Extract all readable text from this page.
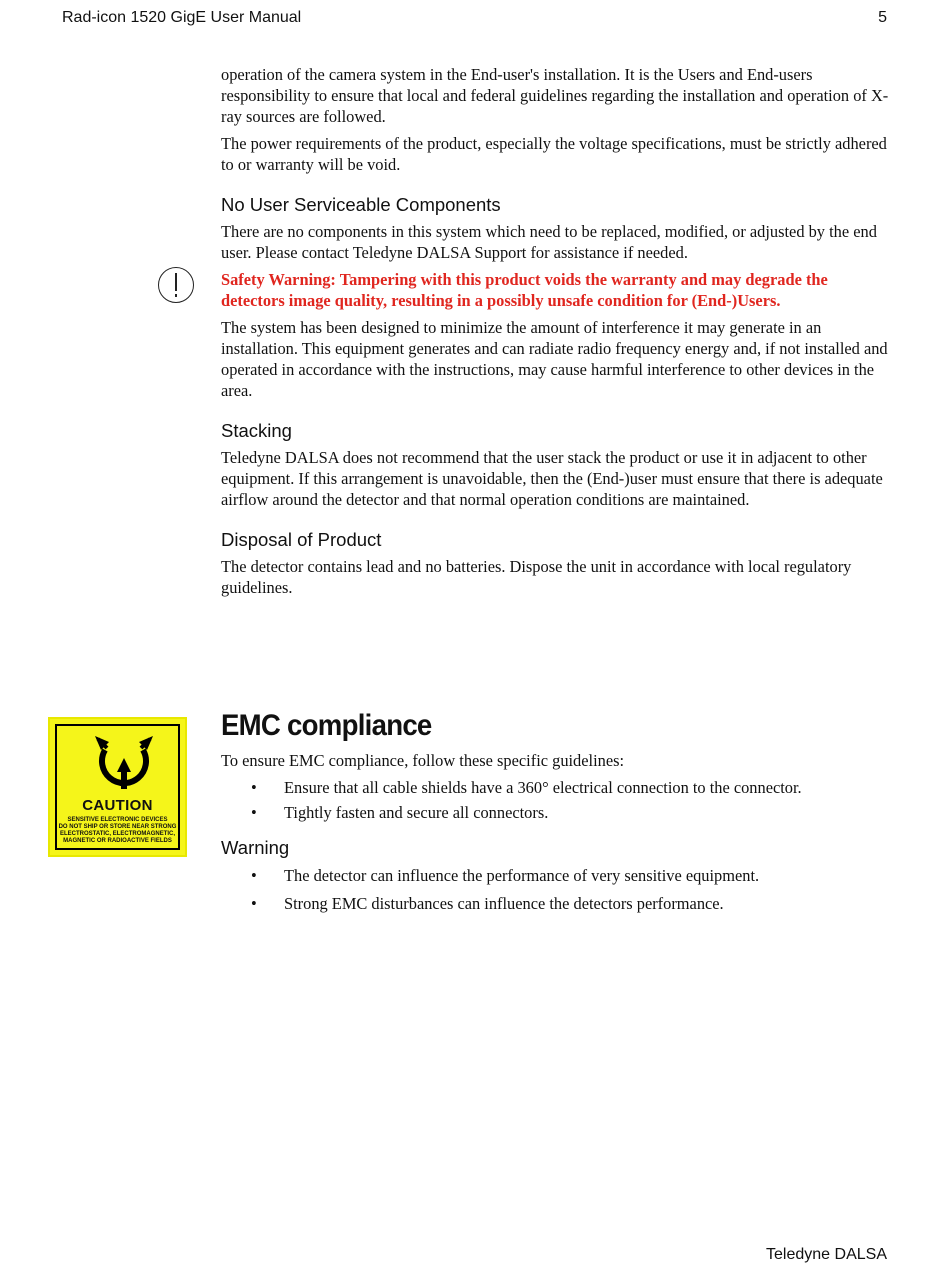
Rad-icon 1520 GigE User Manual	5

operation of the camera system in the End-user's installation. It is the Users and End-users responsibility to ensure that local and federal guidelines regarding the installation and operation of X-ray sources are followed.

The power requirements of the product, especially the voltage specifications, must be strictly adhered to or warranty will be void.

No User Serviceable Components

There are no components in this system which need to be replaced, modified, or adjusted by the end user. Please contact Teledyne DALSA Support for assistance if needed.

Safety Warning: Tampering with this product voids the warranty and may degrade the detectors image quality, resulting in a possibly unsafe condition for (End-)Users.

The system has been designed to minimize the amount of interference it may generate in an installation. This equipment generates and can radiate radio frequency energy and, if not installed and operated in accordance with the instructions, may cause harmful interference to other devices in the area.

Stacking

Teledyne DALSA does not recommend that the user stack the product or use it in adjacent to other equipment. If this arrangement is unavoidable, then the (End-)user must ensure that there is adequate airflow around the detector and that normal operation conditions are maintained.

Disposal of Product

The detector contains lead and no batteries. Dispose the unit in accordance with local regulatory guidelines.

CAUTION
SENSITIVE ELECTRONIC DEVICES
DO NOT SHIP OR STORE NEAR STRONG
ELECTROSTATIC, ELECTROMAGNETIC,
MAGNETIC OR RADIOACTIVE FIELDS
EMC compliance

To ensure EMC compliance, follow these specific guidelines:

• Ensure that all cable shields have a 360° electrical connection to the connector.
• Tightly fasten and secure all connectors.
Warning
• The detector can influence the performance of very sensitive equipment.
• Strong EMC disturbances can influence the detectors performance.
Teledyne DALSA
